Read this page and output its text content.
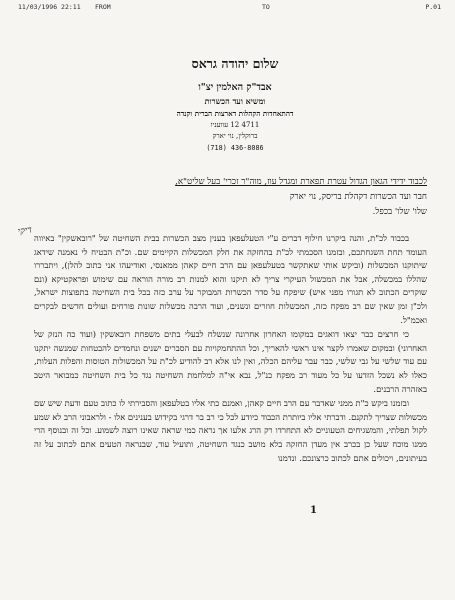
11/03/1996 22:11 FROM	TO	P.01
שלום יהודה גראס
אבד"ק האלמין יצ"ו
ומשיא ועד הכשרות
דהתאחדות הקהלות דארצות הברית וקנדה
4711 12 עוועניו
ברוקלין, נוי יארק
(718) 436-8086
לכבוד ידידי הגאון הגדול עטרת תפארת ומגדל עוז, מוה"ר זכרי' בעל שליט"א,
חבר ועד הכשרות דקהלת בריסק, נוי יארק
שלו' שלו' בכפל.
דיקי

בכבוד לכ"ת, והנה ביקרנו חילוף דברים ע"י הטעלעפאן בענין מצב הכשרות בבית השחיטה של "רובאשקין" באיווה העומד תחת השגחתכם, ובזמנו הסכמתי לכ"ת בהחזקה את חלק המכשלות הקיימים שם. וכ"ת הבטיח לי נאמנה שידאג שיתוקנו המכשלות (וביקש אותי שאתקשר בטעלעפאן עם הרב חיים קאהן ממאנסי, ואודיעהו אני כתוב להלן), ויתבררו שהללו במכשלה, אבל את המכשול העיקרי צריך לא תיקנו והוא למנות רב מורה הוראה עם שימוש ופראקטיקא (ונם שוקרים הכתוב לא תגורו מפני איש) שיפקח על סדר הכשרות המבוקר על ערב כזה בכל בית השחיטה בתפוצות ישראל, ולכ"ן זמן שאין שם רב מפקח כזה, המכשלות חוזרים ונשנים, ועוד הרבה מכשלות שונות פורחים ועולים חדשים לבקרים ואכמ"ל.

כי חרצים כבר יצאו דואגים במקומו האחרון אחרונה שנשלח לבעלי בתים משפחת רובאשקין (ועוד כה הנזק של האחרוני) ובמקום שאמרו לקצר אינו ראשי להאריך, וכל ההתחמקויות עם הסברים ישנים ונחמדים להבטחות שמנשה יתקנו עם עוד שלשי על גבי שלשי, כבר עבר עליהם הכלה, ואין לנו אלא רב להודיע לכ"ת על המכשולות הטוסות והפלות העלות, כאלו לא נשכל הזדעו על כל מעוד רב מפקח כנ"ל, נבא אי"ה למלחמת השחיטה נגד כל בית השחיטה כמבואר היטב באזהרה הרבנים.

ובזמנו ביקש כ"ת ממני שאדבר עם הרב חיים קאהן, ואמנם כתי אליו בטלעפאן והסבירתי לו כתוב טעם ודעת שיש שם מכשולות שצריך לתקנם. ודברתי אליו ביותרת הכבוד כיודע לכל כי רב בר דרגי בקידוש בענינים אלו - ולראבוני הרב לא שמע לקול תפלתי, והמשגיחים הטעוניים לא התחרדו רק הרג אלעו אך נראה כמי שראה שאינו רוצה לשמוע. וכל זה ובנוסף הרי ממנו מוכח שעל כן בכרב אין מעדן החזקה בלא מושב כנגד השחיטה, ותועיל עוד, שבנראה הטעים אתם לכתוב על זה בעיתונים, ויכולים אתם לכתוב כרצונכם. ונדמנו

1
